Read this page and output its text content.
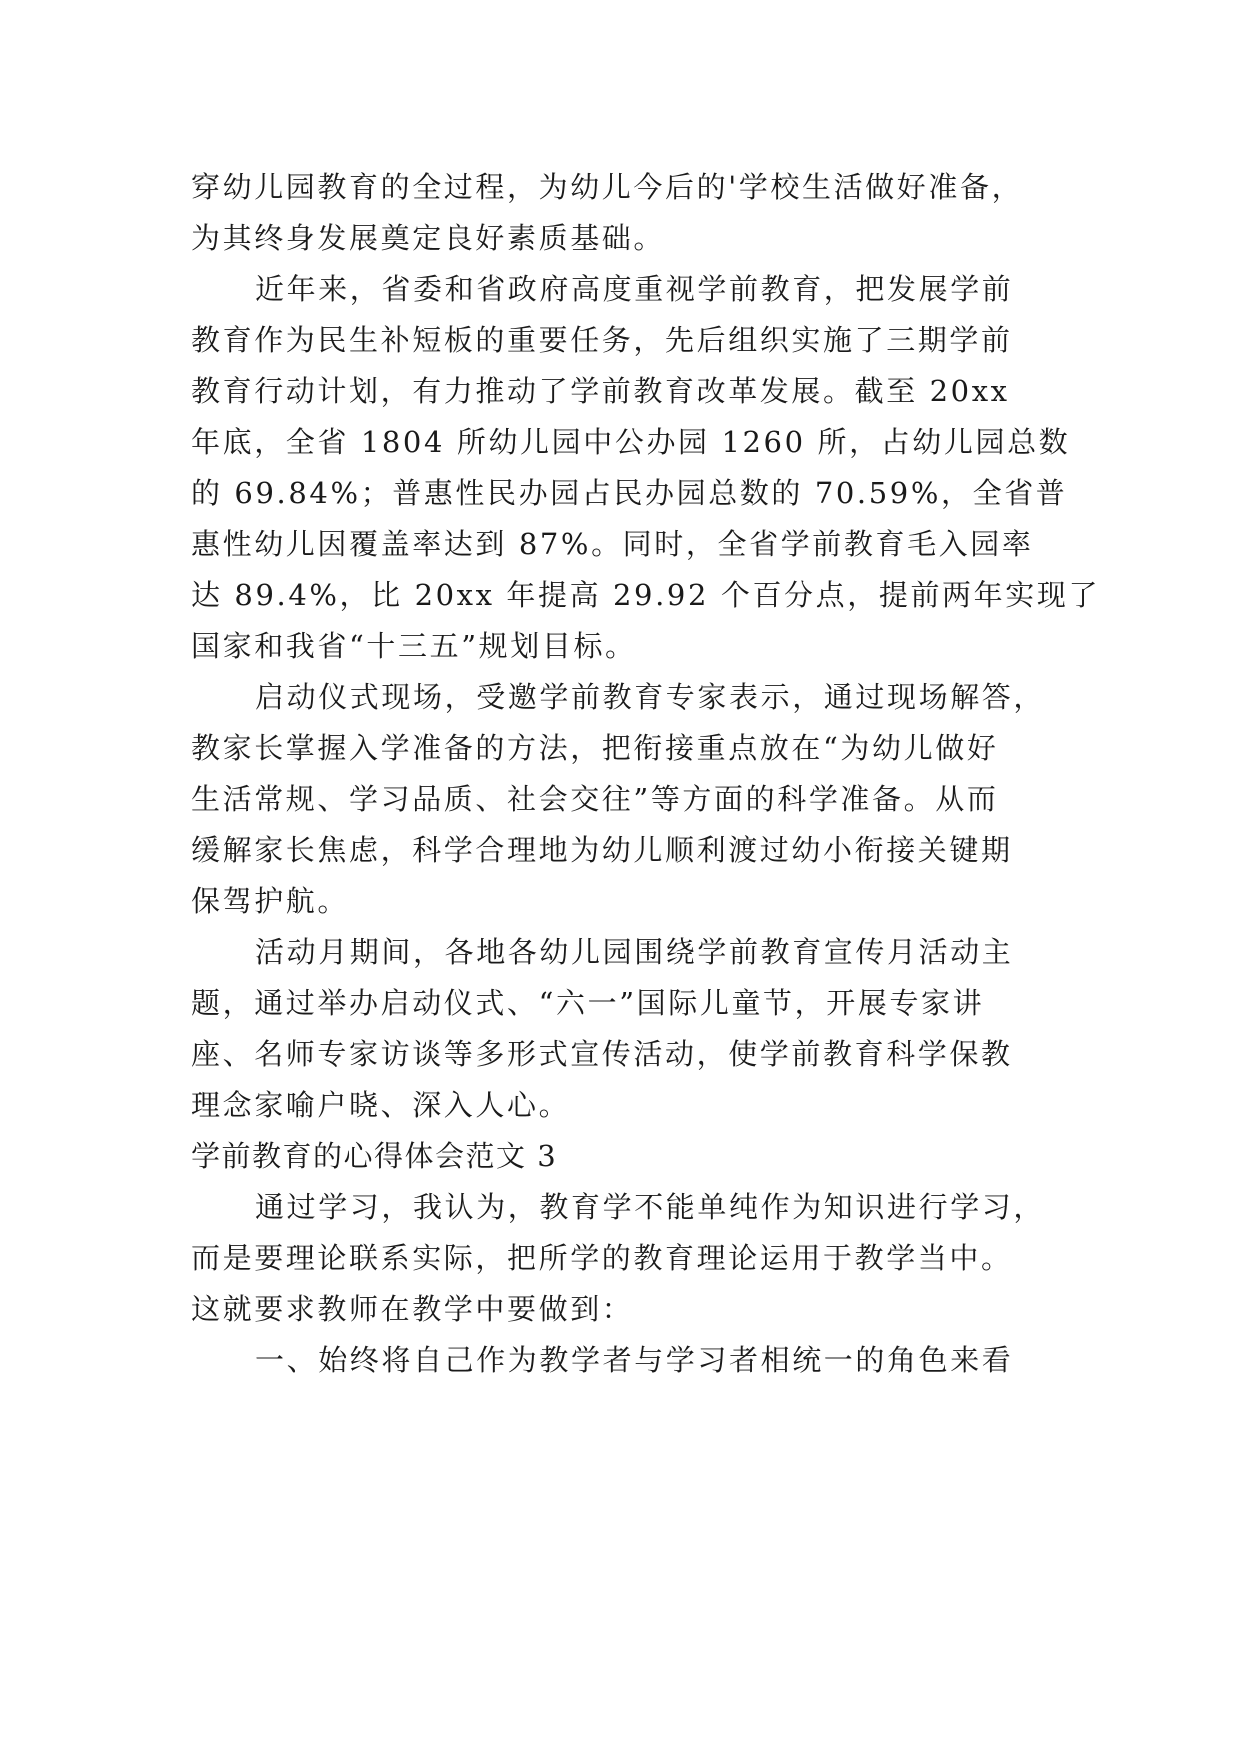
穿幼儿园教育的全过程，为幼儿今后的'学校生活做好准备，
为其终身发展奠定良好素质基础。

近年来，省委和省政府高度重视学前教育，把发展学前
教育作为民生补短板的重要任务，先后组织实施了三期学前
教育行动计划，有力推动了学前教育改革发展。截至 20xx
年底，全省 1804 所幼儿园中公办园 1260 所，占幼儿园总数
的 69.84%；普惠性民办园占民办园总数的 70.59%，全省普
惠性幼儿因覆盖率达到 87%。同时，全省学前教育毛入园率
达 89.4%，比 20xx 年提高 29.92 个百分点，提前两年实现了
国家和我省“十三五”规划目标。

启动仪式现场，受邀学前教育专家表示，通过现场解答，
教家长掌握入学准备的方法，把衔接重点放在“为幼儿做好
生活常规、学习品质、社会交往”等方面的科学准备。从而
缓解家长焦虑，科学合理地为幼儿顺利渡过幼小衔接关键期
保驾护航。

活动月期间，各地各幼儿园围绕学前教育宣传月活动主
题，通过举办启动仪式、“六一”国际儿童节，开展专家讲
座、名师专家访谈等多形式宣传活动，使学前教育科学保教
理念家喻户晓、深入人心。

学前教育的心得体会范文 3

通过学习，我认为，教育学不能单纯作为知识进行学习，
而是要理论联系实际，把所学的教育理论运用于教学当中。
这就要求教师在教学中要做到：

一、始终将自己作为教学者与学习者相统一的角色来看
